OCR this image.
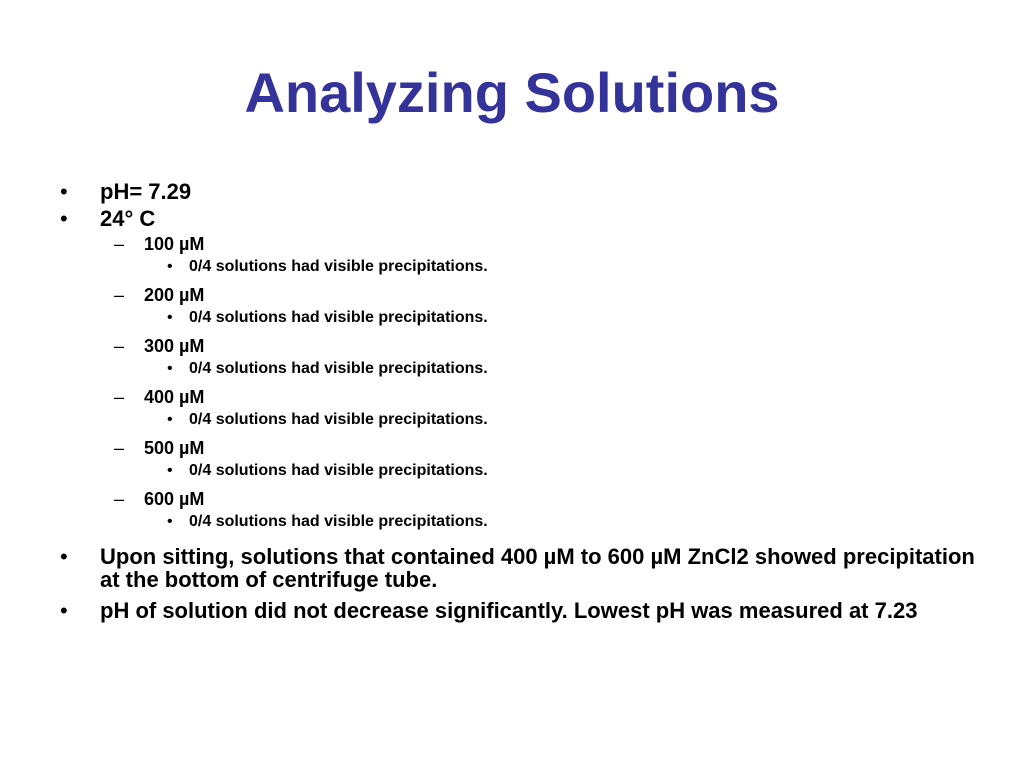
Analyzing Solutions
• pH= 7.29
• 24° C
– 100 µM
• 0/4 solutions had visible precipitations.
– 200 µM
• 0/4 solutions had visible precipitations.
– 300 µM
• 0/4 solutions had visible precipitations.
– 400 µM
• 0/4 solutions had visible precipitations.
– 500 µM
• 0/4 solutions had visible precipitations.
– 600 µM
• 0/4 solutions had visible precipitations.
• Upon sitting, solutions that contained 400 µM to 600 µM ZnCl2 showed precipitation at the bottom of centrifuge tube.
• pH of solution did not decrease significantly. Lowest pH was measured at 7.23
